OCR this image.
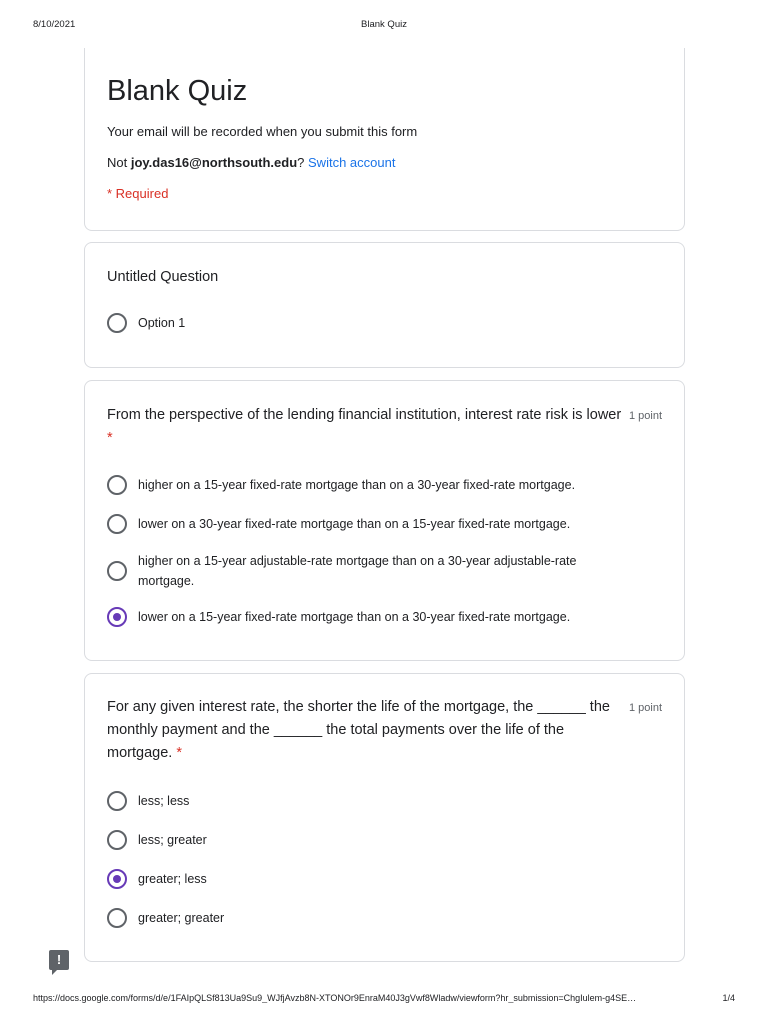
8/10/2021	Blank Quiz
Blank Quiz
Your email will be recorded when you submit this form
Not joy.das16@northsouth.edu? Switch account
* Required
Untitled Question
Option 1
From the perspective of the lending financial institution, interest rate risk is lower *
1 point
higher on a 15-year fixed-rate mortgage than on a 30-year fixed-rate mortgage.
lower on a 30-year fixed-rate mortgage than on a 15-year fixed-rate mortgage.
higher on a 15-year adjustable-rate mortgage than on a 30-year adjustable-rate mortgage.
lower on a 15-year fixed-rate mortgage than on a 30-year fixed-rate mortgage.
For any given interest rate, the shorter the life of the mortgage, the ______ the monthly payment and the ______ the total payments over the life of the mortgage. *
1 point
less; less
less; greater
greater; less
greater; greater
!
https://docs.google.com/forms/d/e/1FAIpQLSf813Ua9Su9_WJfjAvzb8N-XTONOr9EnraM40J3gVwf8Wladw/viewform?hr_submission=ChgIulem-g4SE…	1/4
